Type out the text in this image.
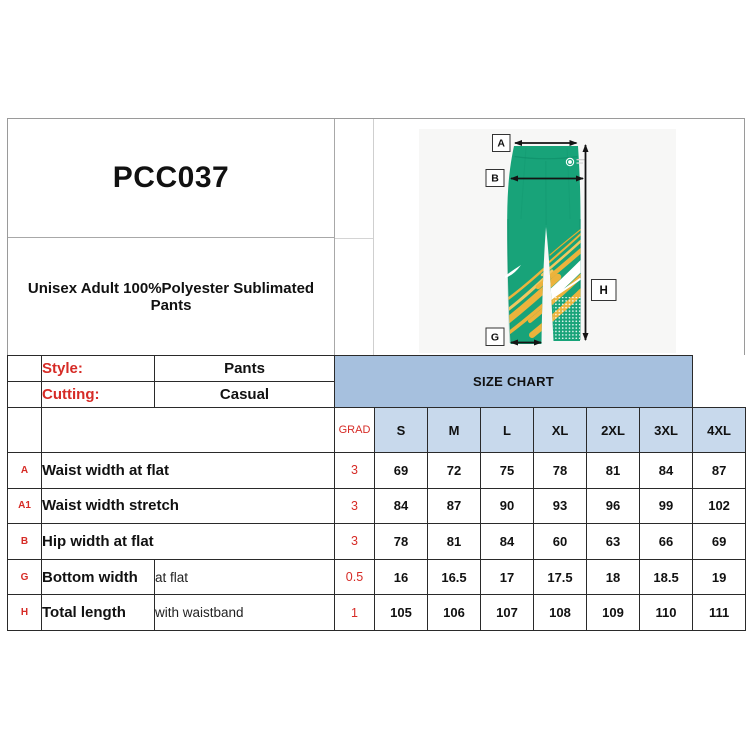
PCC037
Unisex Adult 100%Polyester Sublimated Pants
A
B
H
G
	Style:	Pants	SIZE CHART							
	Cutting:	Casual								
			GRAD	S	M	L	XL	2XL	3XL	4XL
A	Waist width at flat		3	69	72	75	78	81	84	87
A1	Waist width stretch		3	84	87	90	93	96	99	102
B	Hip width at flat		3	78	81	84	60	63	66	69
G	Bottom width	at flat	0.5	16	16.5	17	17.5	18	18.5	19
H	Total length	with waistband	1	105	106	107	108	109	110	111
